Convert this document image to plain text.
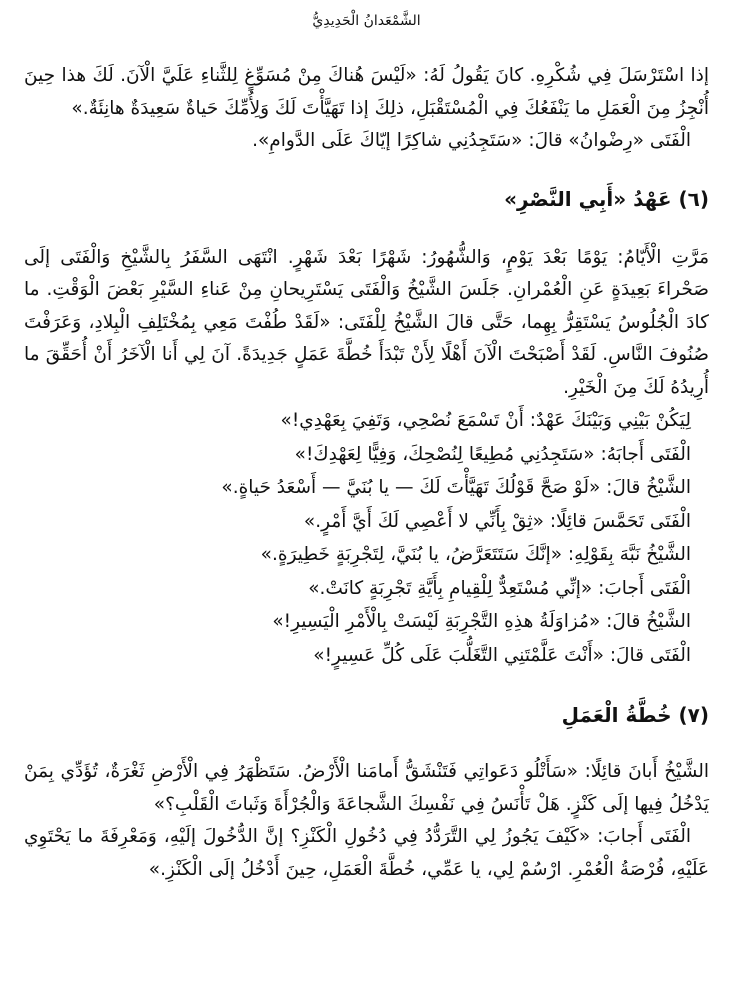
الشَّمْعَدانُ الْحَدِيدِيُّ

إذا اسْتَرْسَلَ فِي شُكْرِهِ. كانَ يَقُولُ لَهُ: «لَيْسَ هُناكَ مِنْ مُسَوِّغٍ لِلثَّناءِ عَلَيَّ الْآنَ. لَكَ هذا حِينَ أُنْجِزُ مِنَ الْعَمَلِ ما يَنْفَعُكَ فِي الْمُسْتَقْبَلِ، ذلِكَ إذا تَهَيَّأْتَ لَكَ وَلِأُمِّكَ حَياةٌ سَعِيدَةٌ هانِئَةٌ.»

الْفَتَى «رِضْوانُ» قالَ: «سَتَجِدُنِي شاكِرًا إيّاكَ عَلَى الدَّوامِ».

(٦) عَهْدُ «أَبِي النَّصْرِ»

مَرَّتِ الْأَيّامُ: يَوْمًا بَعْدَ يَوْمٍ، وَالشُّهُورُ: شَهْرًا بَعْدَ شَهْرٍ. انْتَهَى السَّفَرُ بِالشَّيْخِ وَالْفَتَى إلَى صَحْراءَ بَعِيدَةٍ عَنِ الْعُمْرانِ. جَلَسَ الشَّيْخُ وَالْفَتَى يَسْتَرِيحانِ مِنْ عَناءِ السَّيْرِ بَعْضَ الْوَقْتِ. ما كادَ الْجُلُوسُ يَسْتَقِرُّ بِهِما، حَتَّى قالَ الشَّيْخُ لِلْفَتَى: «لَقَدْ طُفْتَ مَعِي بِمُخْتَلِفِ الْبِلادِ، وَعَرَفْتَ صُنُوفَ النَّاسِ. لَقَدْ أَصْبَحْتَ الْآنَ أَهْلًا لِأَنْ تَبْدَأَ خُطَّةَ عَمَلٍ جَدِيدَةً. آنَ لِي أَنا الْآخَرُ أَنْ أُحَقِّقَ ما أُرِيدُهُ لَكَ مِنَ الْخَيْرِ.

لِيَكُنْ بَيْنِي وَبَيْنَكَ عَهْدٌ: أَنْ تَسْمَعَ نُصْحِي، وَتَفِيَ بِعَهْدِي!»

الْفَتَى أَجابَهُ: «سَتَجِدُنِي مُطِيعًا لِنُصْحِكَ، وَفِيًّا لِعَهْدِكَ!»

الشَّيْخُ قالَ: «لَوْ صَحَّ قَوْلُكَ تَهَيَّأْتَ لَكَ — يا بُنَيَّ — أَسْعَدُ حَياةٍ.»

الْفَتَى تَحَمَّسَ قائِلًا: «ثِقْ بِأَنِّي لا أَعْصِي لَكَ أَيَّ أَمْرٍ.»

الشَّيْخُ نَبَّهَ بِقَوْلِهِ: «إنَّكَ سَتَتَعَرَّضُ، يا بُنَيَّ، لِتَجْرِبَةٍ خَطِيرَةٍ.»

الْفَتَى أَجابَ: «إنِّي مُسْتَعِدٌّ لِلْقِيامِ بِأَيَّةِ تَجْرِبَةٍ كانَتْ.»

الشَّيْخُ قالَ: «مُزاوَلَةُ هذِهِ التَّجْرِبَةِ لَيْسَتْ بِالْأَمْرِ الْيَسِيرِ!»

الْفَتَى قالَ: «أَنْتَ عَلَّمْتَنِي التَّغَلُّبَ عَلَى كُلِّ عَسِيرٍ!»

(٧) خُطَّةُ الْعَمَلِ

الشَّيْخُ أَبانَ قائِلًا: «سَأَتْلُو دَعَواتِي فَتَنْشَقُّ أَمامَنا الْأَرْضُ. سَتَظْهَرُ فِي الْأَرْضِ ثَغْرَةٌ، تُؤَدِّي بِمَنْ يَدْخُلُ فِيها إلَى كَنْزٍ. هَلْ تَأْنَسُ فِي نَفْسِكَ الشَّجاعَةَ وَالْجُرْأَةَ وَثَباتَ الْقَلْبِ؟»

الْفَتَى أَجابَ: «كَيْفَ يَجُوزُ لِي التَّرَدُّدُ فِي دُخُولِ الْكَنْزِ؟ إنَّ الدُّخُولَ إلَيْهِ، وَمَعْرِفَةَ ما يَحْتَوِي عَلَيْهِ، فُرْصَةُ الْعُمْرِ. ارْسُمْ لِي، يا عَمِّي، خُطَّةَ الْعَمَلِ، حِينَ أَدْخُلُ إلَى الْكَنْزِ.»
